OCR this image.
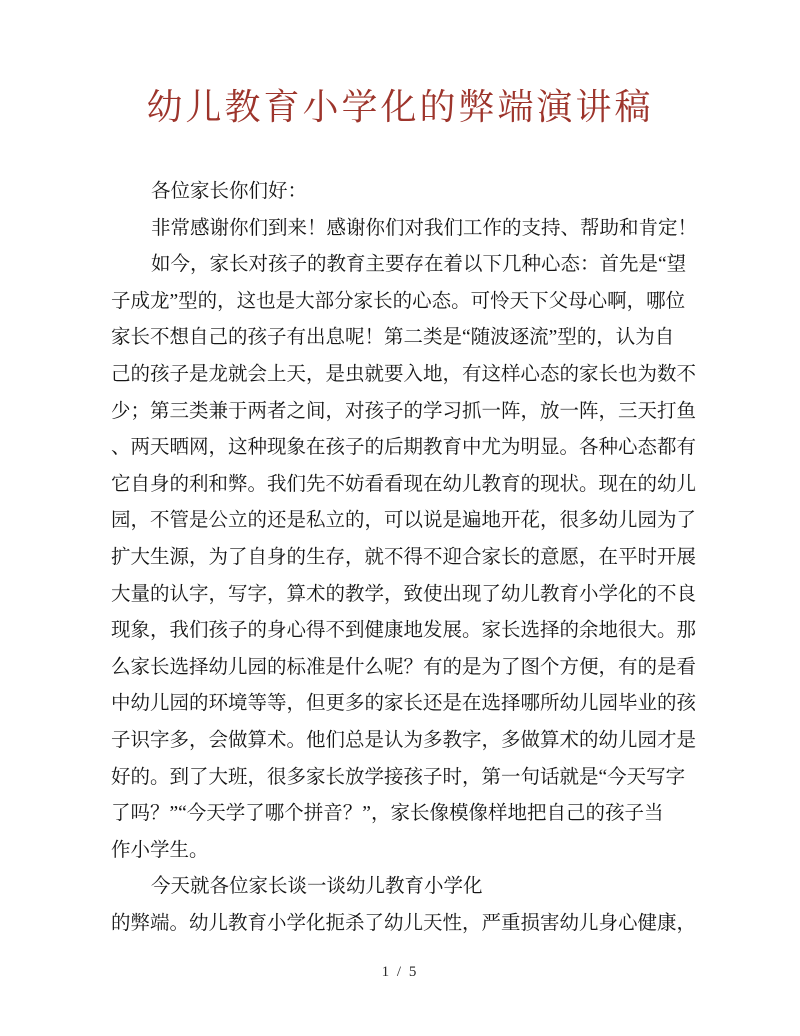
幼儿教育小学化的弊端演讲稿
各位家长你们好：
非常感谢你们到来！感谢你们对我们工作的支持、帮助和肯定！
如今，家长对孩子的教育主要存在着以下几种心态：首先是“望
子成龙”型的，这也是大部分家长的心态。可怜天下父母心啊，哪位
家长不想自己的孩子有出息呢！第二类是“随波逐流”型的，认为自
己的孩子是龙就会上天，是虫就要入地，有这样心态的家长也为数不
少；第三类兼于两者之间，对孩子的学习抓一阵，放一阵，三天打鱼
、两天晒网，这种现象在孩子的后期教育中尤为明显。各种心态都有
它自身的利和弊。我们先不妨看看现在幼儿教育的现状。现在的幼儿
园，不管是公立的还是私立的，可以说是遍地开花，很多幼儿园为了
扩大生源，为了自身的生存，就不得不迎合家长的意愿，在平时开展
大量的认字，写字，算术的教学，致使出现了幼儿教育小学化的不良
现象，我们孩子的身心得不到健康地发展。家长选择的余地很大。那
么家长选择幼儿园的标准是什么呢？有的是为了图个方便，有的是看
中幼儿园的环境等等，但更多的家长还是在选择哪所幼儿园毕业的孩
子识字多，会做算术。他们总是认为多教字，多做算术的幼儿园才是
好的。到了大班，很多家长放学接孩子时，第一句话就是“今天写字
了吗？”“今天学了哪个拼音？”，家长像模像样地把自己的孩子当
作小学生。
今天就各位家长谈一谈幼儿教育小学化
的弊端。幼儿教育小学化扼杀了幼儿天性，严重损害幼儿身心健康，
1 / 5
